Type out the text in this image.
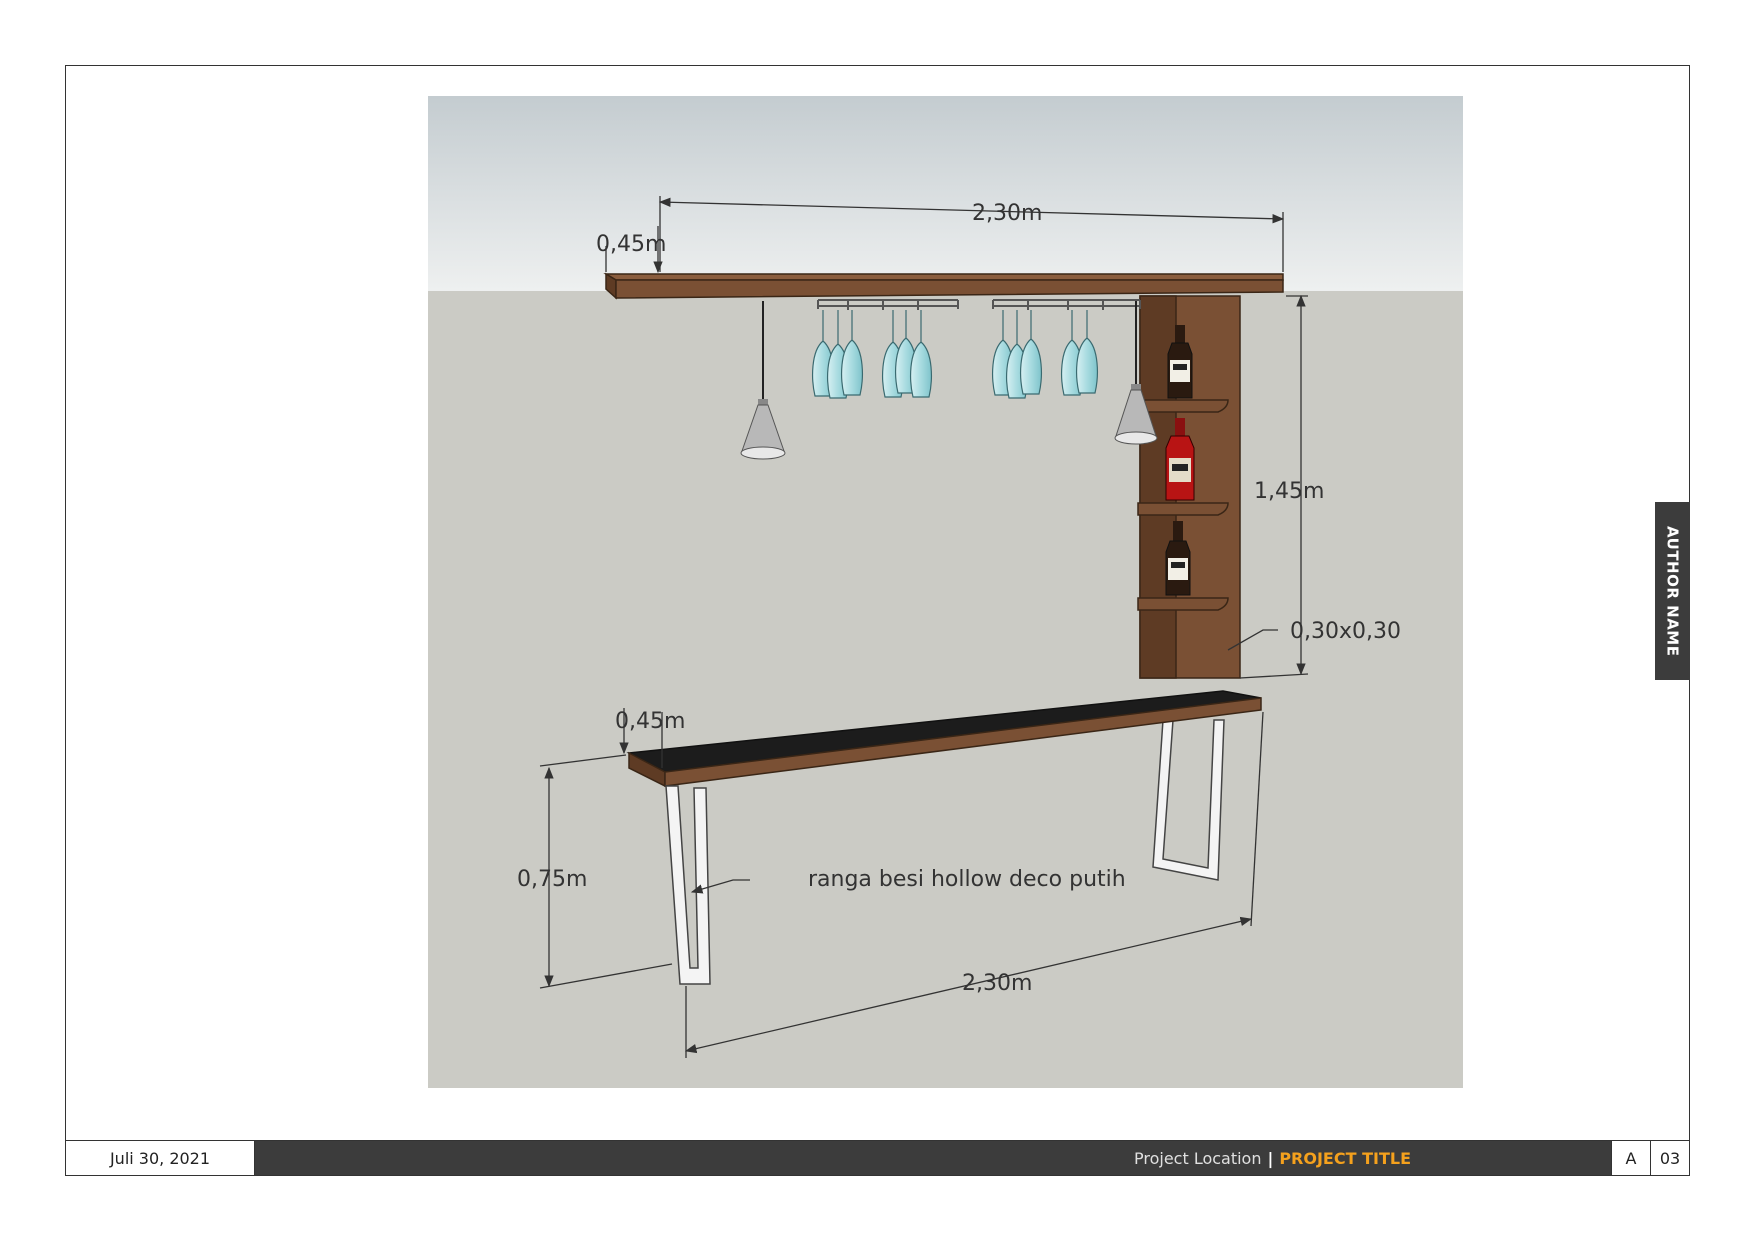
2,30m
0,45m
1,45m
0,30x0,30
0,45m
0,75m	ranga besi hollow deco putih
2,30m
AUTHOR NAME
Juli 30, 2021	Project Location | PROJECT TITLE	A	03
